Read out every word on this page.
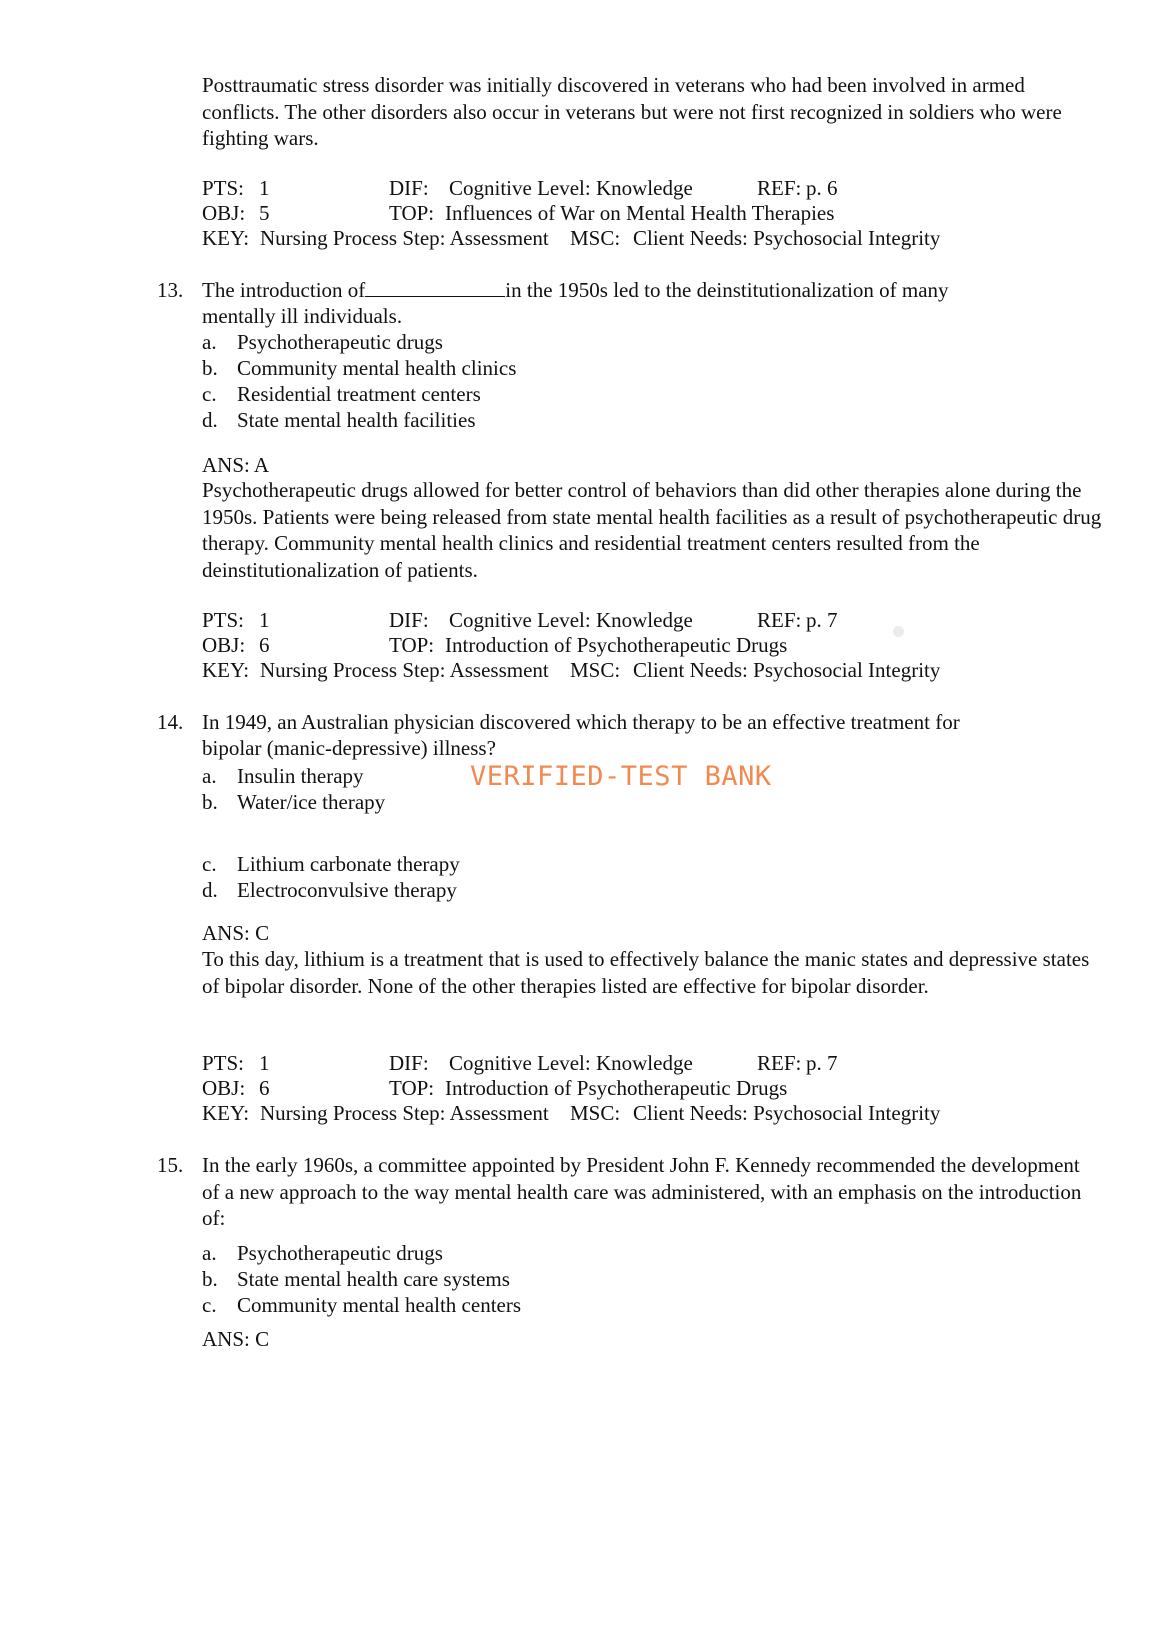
Posttraumatic stress disorder was initially discovered in veterans who had been involved in armed conflicts. The other disorders also occur in veterans but were not first recognized in soldiers who were fighting wars.
PTS: 1	DIF: Cognitive Level: Knowledge	REF: p. 6
OBJ: 5	TOP: Influences of War on Mental Health Therapies
KEY: Nursing Process Step: Assessment MSC: Client Needs: Psychosocial Integrity
13. The introduction of	in the 1950s led to the deinstitutionalization of many
mentally ill individuals.
a. Psychotherapeutic drugs
b. Community mental health clinics
c. Residential treatment centers
d. State mental health facilities
ANS: A
Psychotherapeutic drugs allowed for better control of behaviors than did other therapies alone during the 1950s. Patients were being released from state mental health facilities as a result of psychotherapeutic drug therapy. Community mental health clinics and residential treatment centers resulted from the deinstitutionalization of patients.
PTS: 1	DIF: Cognitive Level: Knowledge	REF: p. 7
OBJ: 6	TOP: Introduction of Psychotherapeutic Drugs
KEY: Nursing Process Step: Assessment MSC: Client Needs: Psychosocial Integrity
14. In 1949, an Australian physician discovered which therapy to be an effective treatment for
bipolar (manic-depressive) illness?
a. Insulin therapy
b. Water/ice therapy
VERIFIED-TEST BANK
c. Lithium carbonate therapy
d. Electroconvulsive therapy
ANS: C
To this day, lithium is a treatment that is used to effectively balance the manic states and depressive states of bipolar disorder. None of the other therapies listed are effective for bipolar disorder.
PTS: 1	DIF: Cognitive Level: Knowledge	REF: p. 7
OBJ: 6	TOP: Introduction of Psychotherapeutic Drugs
KEY: Nursing Process Step: Assessment MSC: Client Needs: Psychosocial Integrity
15. In the early 1960s, a committee appointed by President John F. Kennedy recommended the development of a new approach to the way mental health care was administered, with an emphasis on the introduction of:
a. Psychotherapeutic drugs
b. State mental health care systems
c. Community mental health centers
ANS: C
